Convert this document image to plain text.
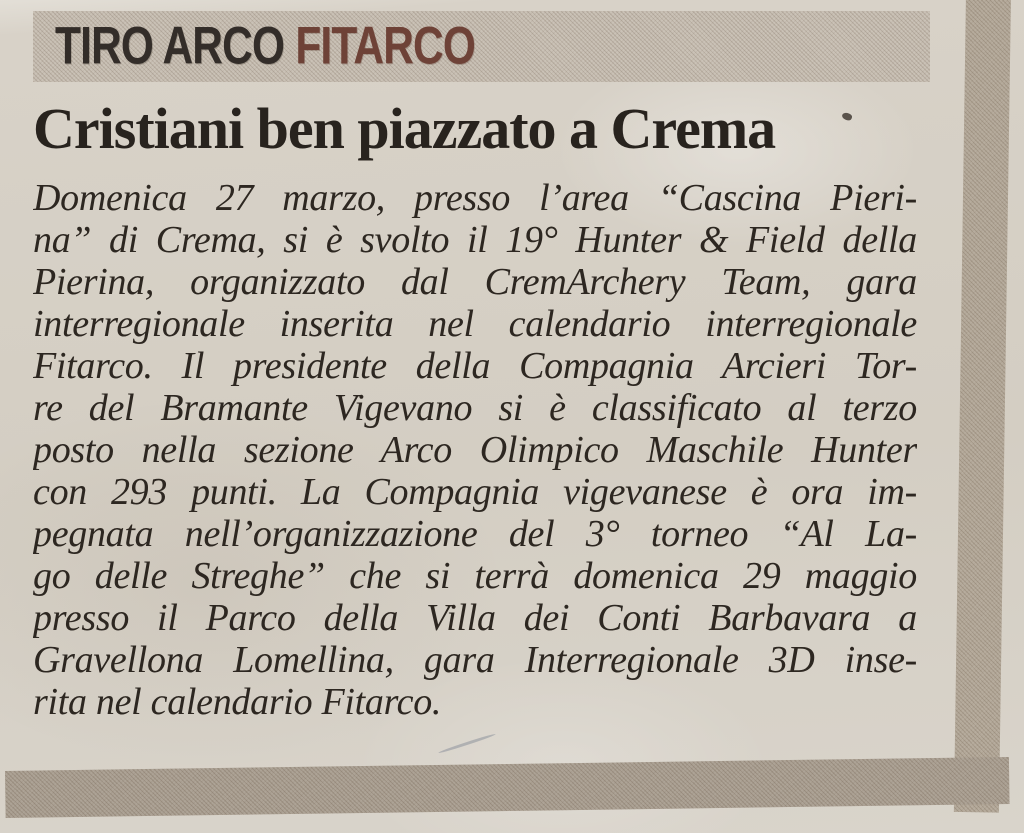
TIRO ARCO FITARCO
Cristiani ben piazzato a Crema
Domenica 27 marzo, presso l’area “Cascina Pieri-
na” di Crema, si è svolto il 19° Hunter & Field della
Pierina, organizzato dal CremArchery Team, gara
interregionale inserita nel calendario interregionale
Fitarco. Il presidente della Compagnia Arcieri Tor-
re del Bramante Vigevano si è classificato al terzo
posto nella sezione Arco Olimpico Maschile Hunter
con 293 punti. La Compagnia vigevanese è ora im-
pegnata nell’organizzazione del 3° torneo “Al La-
go delle Streghe” che si terrà domenica 29 maggio
presso il Parco della Villa dei Conti Barbavara a
Gravellona Lomellina, gara Interregionale 3D inse-
rita nel calendario Fitarco.
